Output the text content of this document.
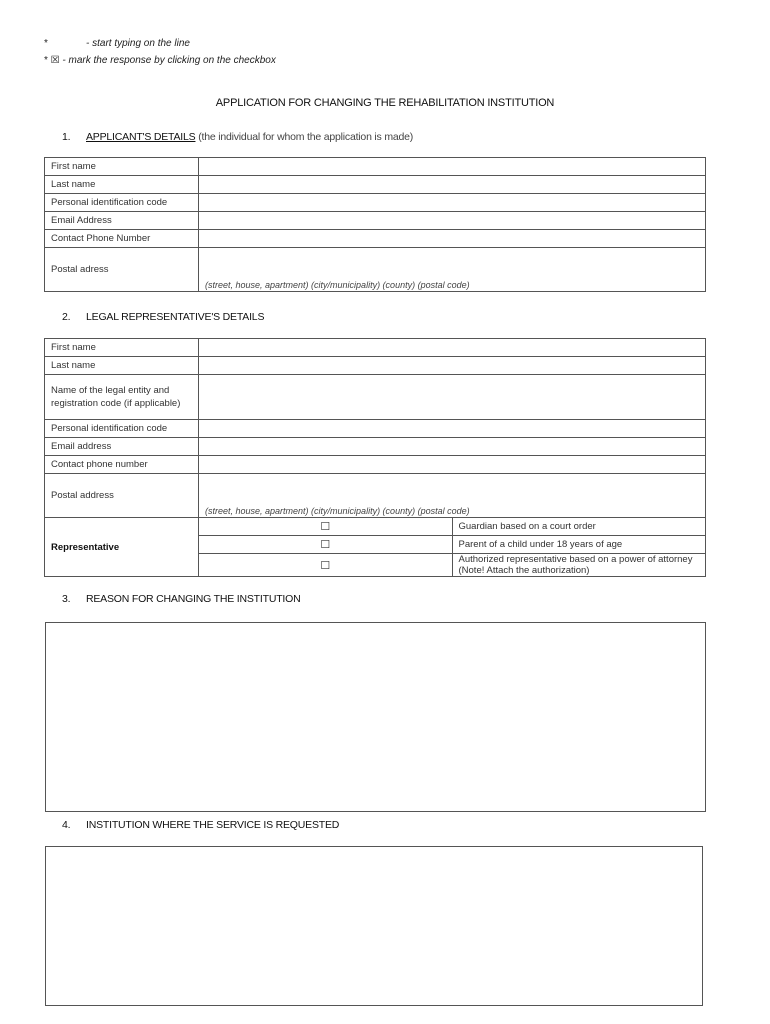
*	- start typing on the line
* ☒ - mark the response by clicking on the checkbox
APPLICATION FOR CHANGING THE REHABILITATION INSTITUTION
1. APPLICANT'S DETAILS (the individual for whom the application is made)
First name	
Last name	
Personal identification code	
Email Address	
Contact Phone Number	
Postal adress	(street, house, apartment) (city/municipality) (county) (postal code)
2. LEGAL REPRESENTATIVE'S DETAILS
First name		
Last name		
Name of the legal entity and registration code (if applicable)		
Personal identification code		
Email address		
Contact phone number		
Postal address	(street, house, apartment) (city/municipality) (county) (postal code)	
Representative	☐	Guardian based on a court order
	☐	Parent of a child under 18 years of age
	☐	Authorized representative based on a power of attorney (Note! Attach the authorization)
3. REASON FOR CHANGING THE INSTITUTION
4. INSTITUTION WHERE THE SERVICE IS REQUESTED
